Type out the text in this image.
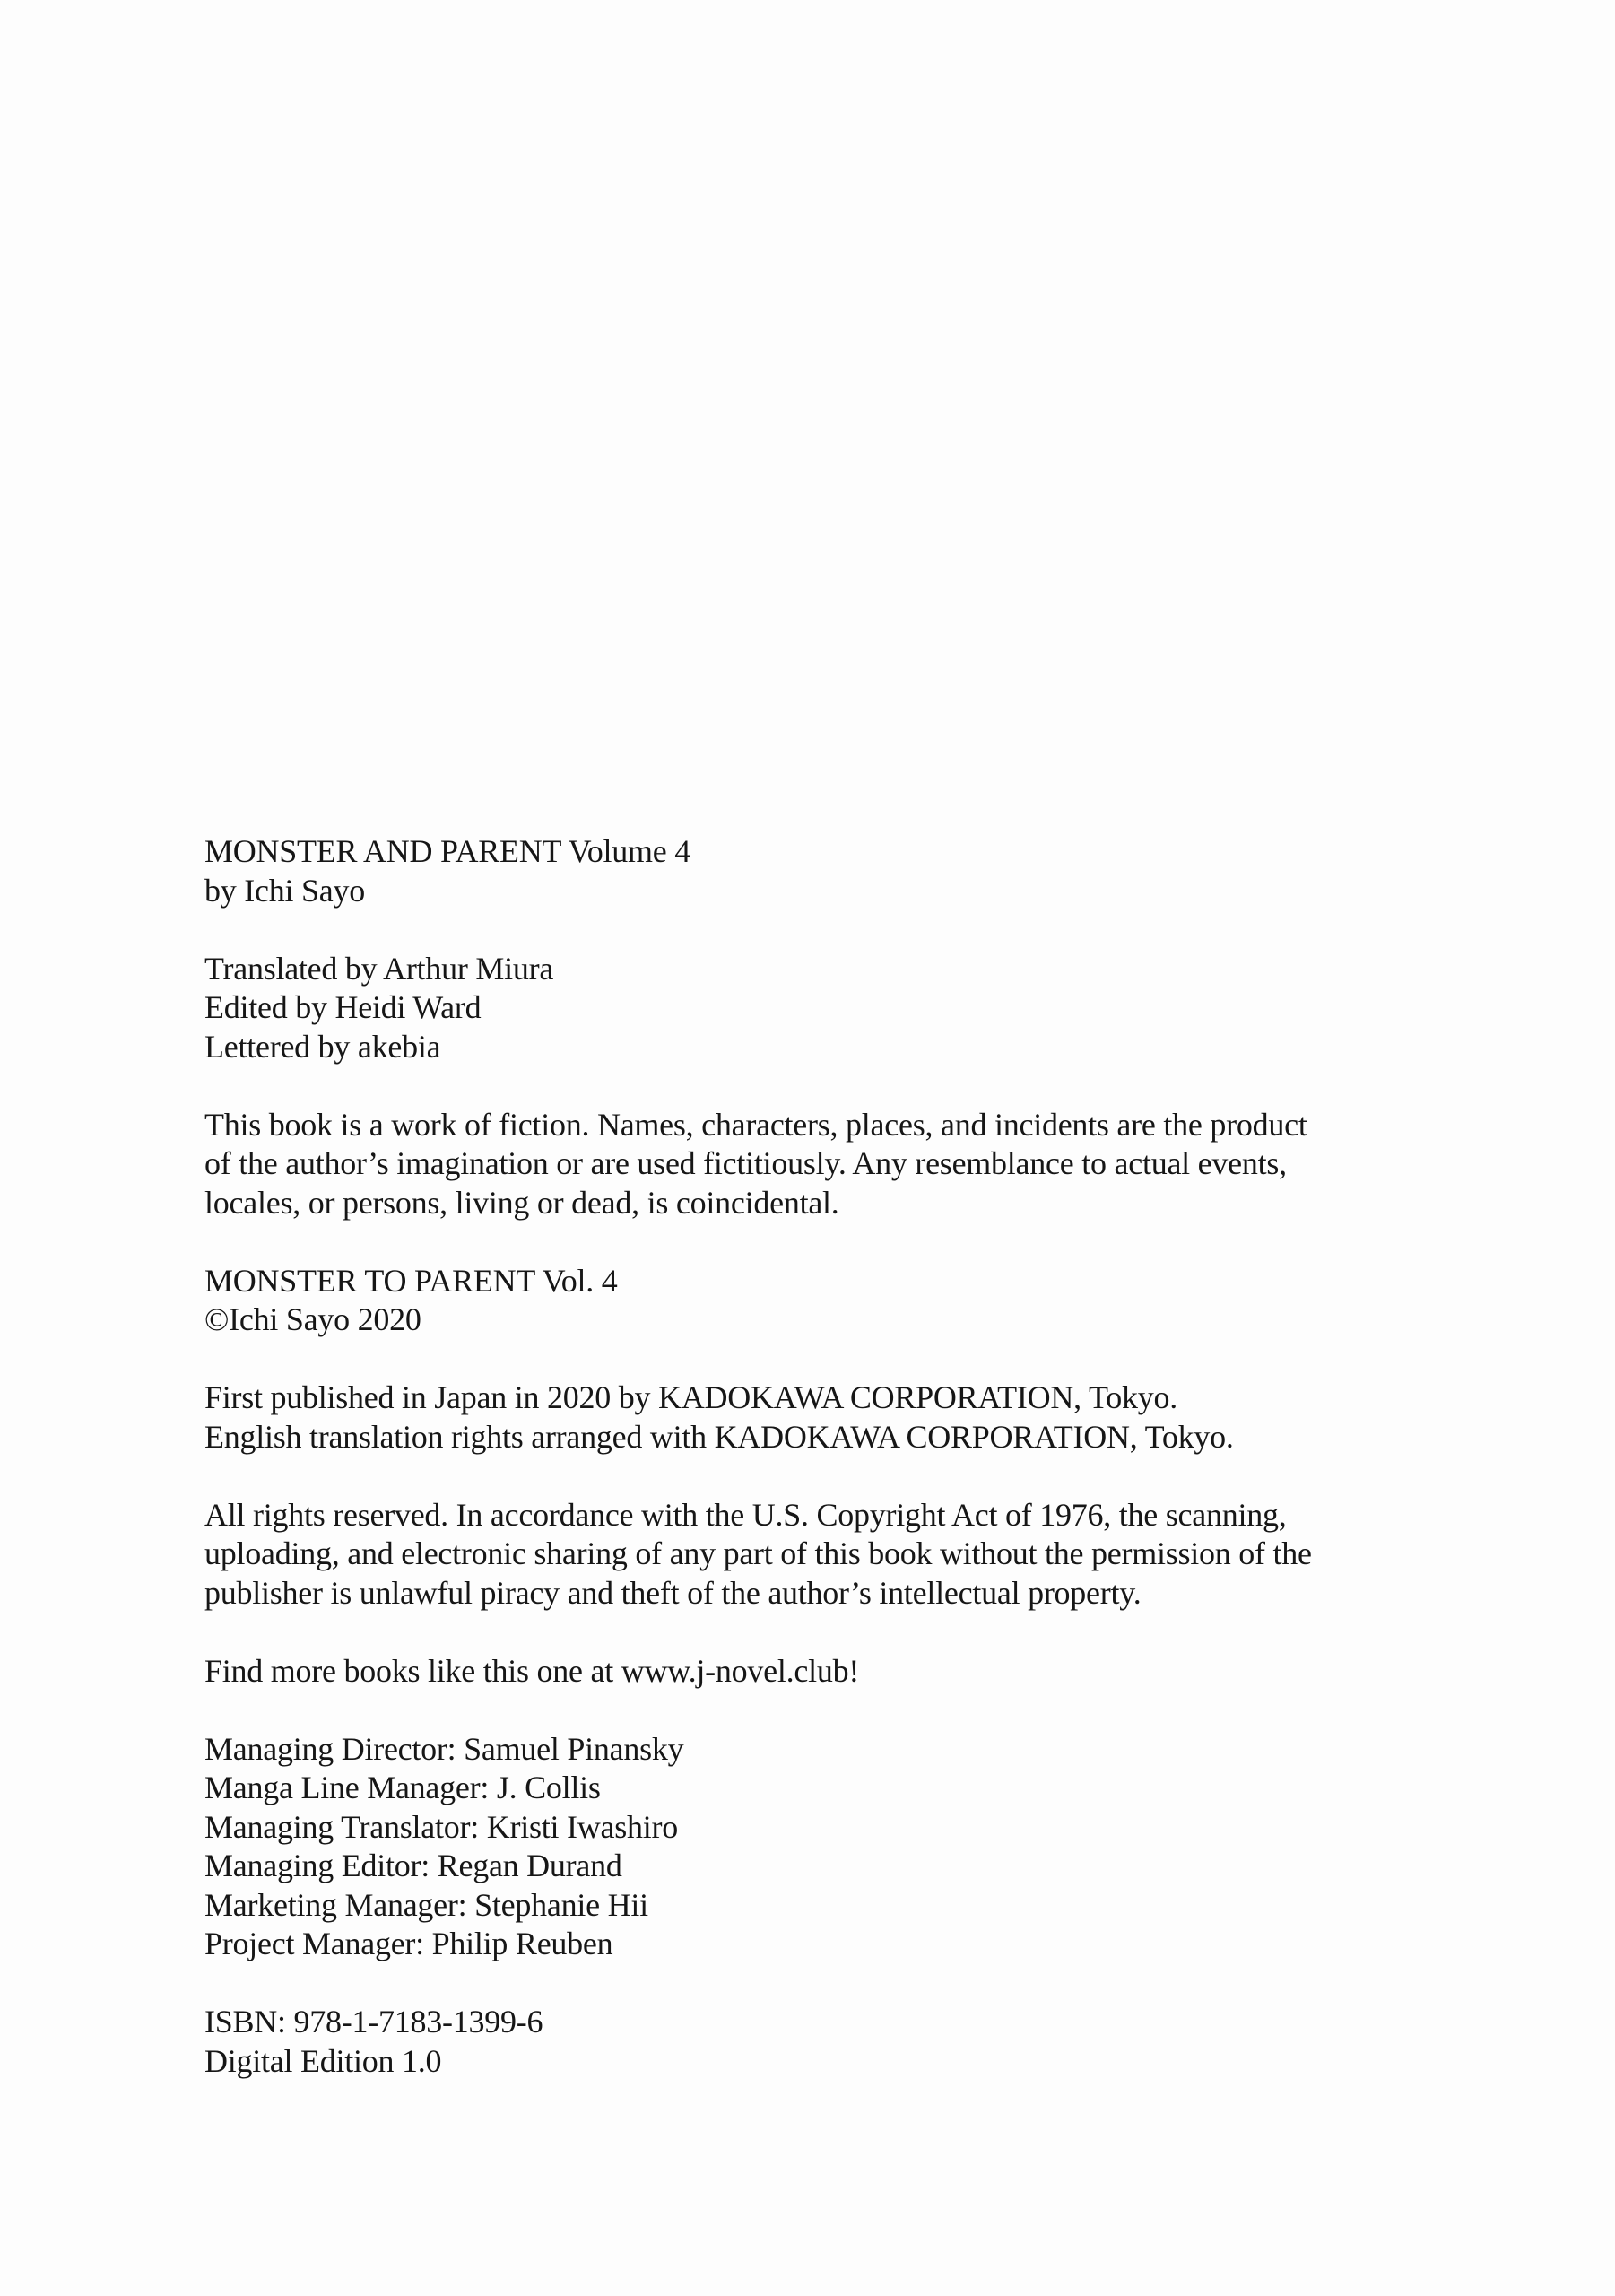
MONSTER AND PARENT Volume 4
by Ichi Sayo
Translated by Arthur Miura
Edited by Heidi Ward
Lettered by akebia
This book is a work of fiction. Names, characters, places, and incidents are the product
of the author’s imagination or are used fictitiously. Any resemblance to actual events,
locales, or persons, living or dead, is coincidental.
MONSTER TO PARENT Vol. 4
©Ichi Sayo 2020
First published in Japan in 2020 by KADOKAWA CORPORATION, Tokyo.
English translation rights arranged with KADOKAWA CORPORATION, Tokyo.
All rights reserved. In accordance with the U.S. Copyright Act of 1976, the scanning,
uploading, and electronic sharing of any part of this book without the permission of the
publisher is unlawful piracy and theft of the author’s intellectual property.
Find more books like this one at www.j-novel.club!
Managing Director: Samuel Pinansky
Manga Line Manager: J. Collis
Managing Translator: Kristi Iwashiro
Managing Editor: Regan Durand
Marketing Manager: Stephanie Hii
Project Manager: Philip Reuben
ISBN: 978-1-7183-1399-6
Digital Edition 1.0
